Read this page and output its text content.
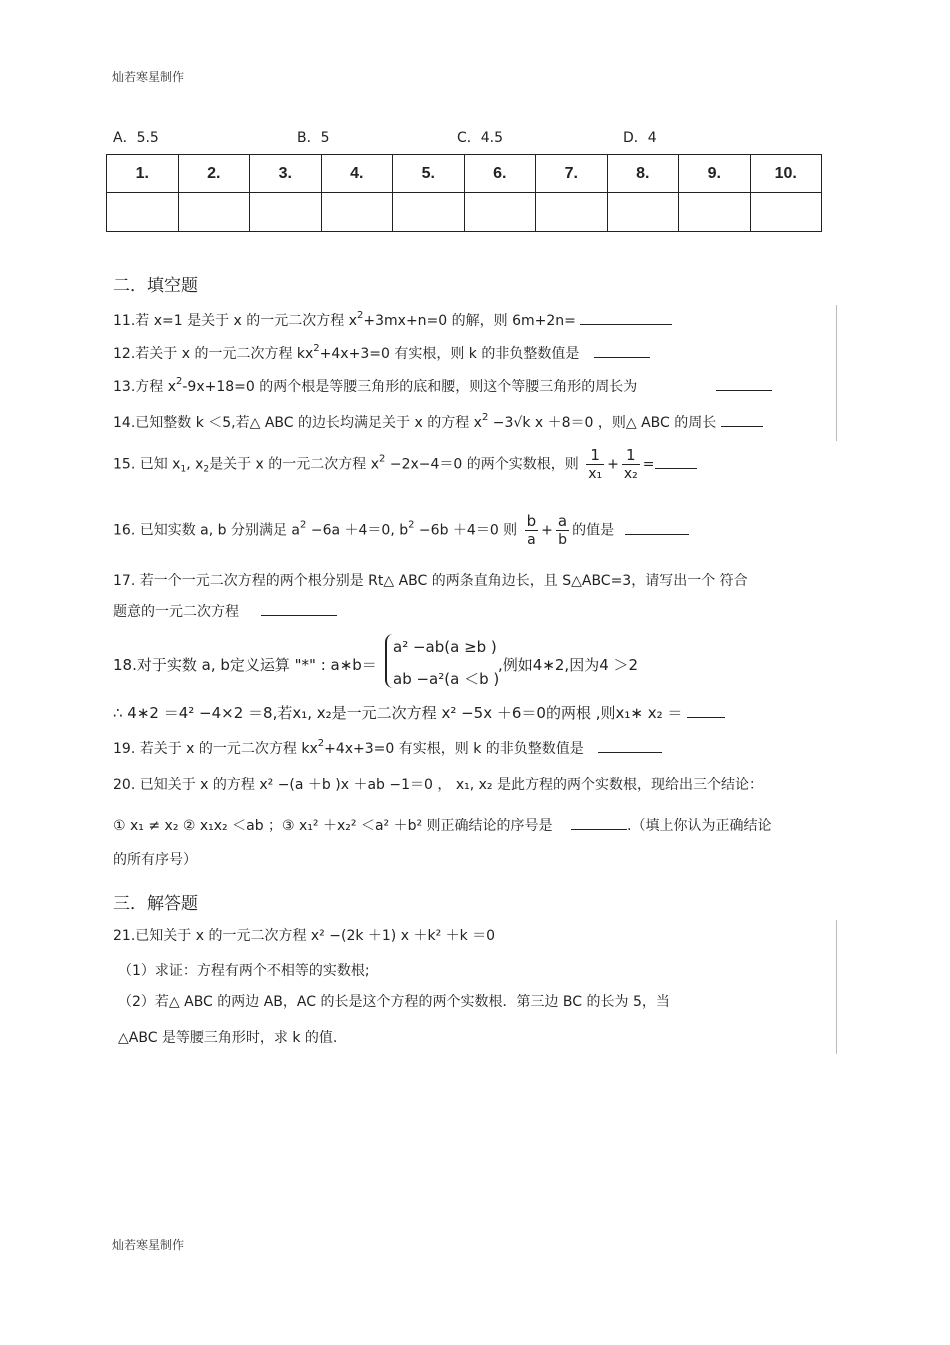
灿若寒星制作
A．5.5	B．5	C．4.5	D．4
1.	2.	3.	4.	5.	6.	7.	8.	9.	10.

二．填空题
11.若 x=1 是关于 x 的一元二次方程 $x^2+3mx+n=0$ 的解，则 6m+2n=
12.若关于 x 的一元二次方程 $kx^2+4x+3=0$ 有实根，则 k 的非负整数值是
13.方程 $x^2-9x+18=0$ 的两个根是等腰三角形的底和腰，则这个等腰三角形的周长为
14.已知整数 k ＜5,若△ ABC 的边长均满足关于 x 的方程 $x^2 -3√k$ x ＋8＝0 ，则△ ABC 的周长
15. 已知 $x_1$, $x_2$是关于 x 的一元二次方程 $x^2 -2x-4=0$ 的两个实数根，则 $\frac{1}{\text{x₁}} + \frac{1}{\text{x₂}}$ =
16. 已知实数 a, b 分别满足 $a^2 -6a +4=0$, $b^2 -6b +4=0$ 则 $\frac{b}{a} + \frac{a}{b}$ 的值是
17. 若一个一元二次方程的两个根分别是 Rt△ ABC 的两条直角边长，且 S△ABC=3，请写出一个 符合
题意的一元二次方程
18.对于实数 a, b定义运算 "*" : a∗b＝
a² −ab(a ≥b )
ab −a²(a ＜b )
,例如4∗2,因为4 ＞2
∴ 4∗2 ＝4² −4×2 ＝8,若x₁, x₂是一元二次方程 x² −5x ＋6＝0的两根 ,则x₁∗ x₂ ＝
19. 若关于 x 的一元二次方程 $kx^2+4x+3=0$ 有实根，则 k 的非负整数值是
20. 已知关于 x 的方程 x² −(a ＋b )x ＋ab −1＝0 ， x₁, x₂ 是此方程的两个实数根，现给出三个结论：
① x₁ ≠ x₂ ② x₁x₂ ＜ab ；③ x₁² ＋x₂² ＜a² ＋b² 则正确结论的序号是	.（填上你认为正确结论
的所有序号）
三．解答题
21.已知关于 x 的一元二次方程 x² −(2k ＋1) x ＋k² ＋k ＝0
（1）求证：方程有两个不相等的实数根;
（2）若△ ABC 的两边 AB，AC 的长是这个方程的两个实数根．第三边 BC 的长为 5，当
△ABC 是等腰三角形时，求 k 的值.
灿若寒星制作
